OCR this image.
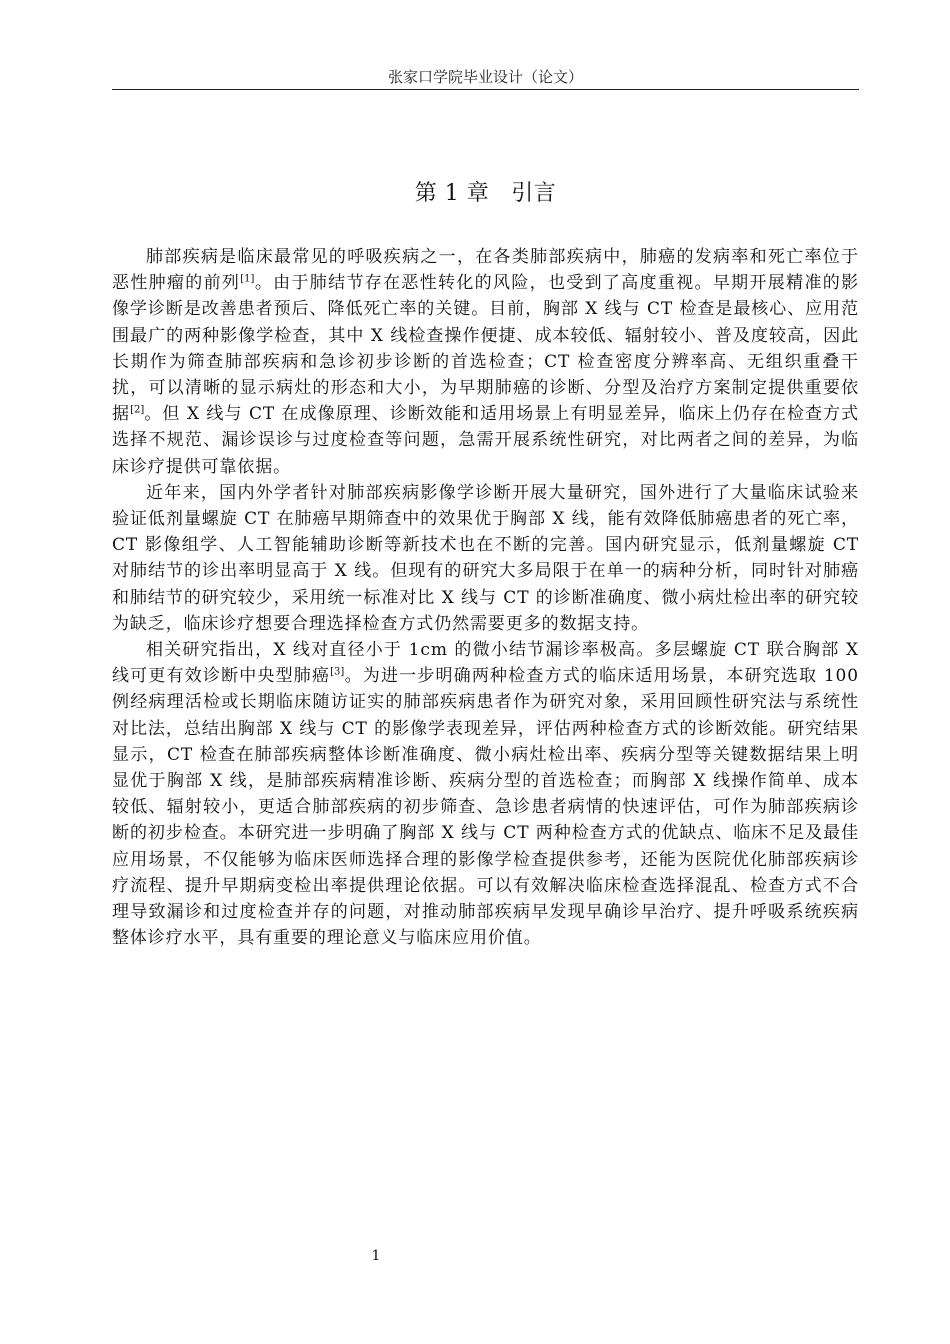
张家口学院毕业设计（论文）
第 1 章 引言

肺部疾病是临床最常见的呼吸疾病之一，在各类肺部疾病中，肺癌的发病率和死亡率位于恶性肿瘤的前列[1]。由于肺结节存在恶性转化的风险，也受到了高度重视。早期开展精准的影像学诊断是改善患者预后、降低死亡率的关键。目前，胸部 X 线与 CT 检查是最核心、应用范围最广的两种影像学检查，其中 X 线检查操作便捷、成本较低、辐射较小、普及度较高，因此长期作为筛查肺部疾病和急诊初步诊断的首选检查；CT 检查密度分辨率高、无组织重叠干扰，可以清晰的显示病灶的形态和大小，为早期肺癌的诊断、分型及治疗方案制定提供重要依据[2]。但 X 线与 CT 在成像原理、诊断效能和适用场景上有明显差异，临床上仍存在检查方式选择不规范、漏诊误诊与过度检查等问题，急需开展系统性研究，对比两者之间的差异，为临床诊疗提供可靠依据。

近年来，国内外学者针对肺部疾病影像学诊断开展大量研究，国外进行了大量临床试验来验证低剂量螺旋 CT 在肺癌早期筛查中的效果优于胸部 X 线，能有效降低肺癌患者的死亡率，CT 影像组学、人工智能辅助诊断等新技术也在不断的完善。国内研究显示，低剂量螺旋 CT 对肺结节的诊出率明显高于 X 线。但现有的研究大多局限于在单一的病种分析，同时针对肺癌和肺结节的研究较少，采用统一标准对比 X 线与 CT 的诊断准确度、微小病灶检出率的研究较为缺乏，临床诊疗想要合理选择检查方式仍然需要更多的数据支持。

相关研究指出，X 线对直径小于 1cm 的微小结节漏诊率极高。多层螺旋 CT 联合胸部 X 线可更有效诊断中央型肺癌[3]。为进一步明确两种检查方式的临床适用场景，本研究选取 100 例经病理活检或长期临床随访证实的肺部疾病患者作为研究对象，采用回顾性研究法与系统性对比法，总结出胸部 X 线与 CT 的影像学表现差异，评估两种检查方式的诊断效能。研究结果显示，CT 检查在肺部疾病整体诊断准确度、微小病灶检出率、疾病分型等关键数据结果上明显优于胸部 X 线，是肺部疾病精准诊断、疾病分型的首选检查；而胸部 X 线操作简单、成本较低、辐射较小，更适合肺部疾病的初步筛查、急诊患者病情的快速评估，可作为肺部疾病诊断的初步检查。本研究进一步明确了胸部 X 线与 CT 两种检查方式的优缺点、临床不足及最佳应用场景，不仅能够为临床医师选择合理的影像学检查提供参考，还能为医院优化肺部疾病诊疗流程、提升早期病变检出率提供理论依据。可以有效解决临床检查选择混乱、检查方式不合理导致漏诊和过度检查并存的问题，对推动肺部疾病早发现早确诊早治疗、提升呼吸系统疾病整体诊疗水平，具有重要的理论意义与临床应用价值。

1
